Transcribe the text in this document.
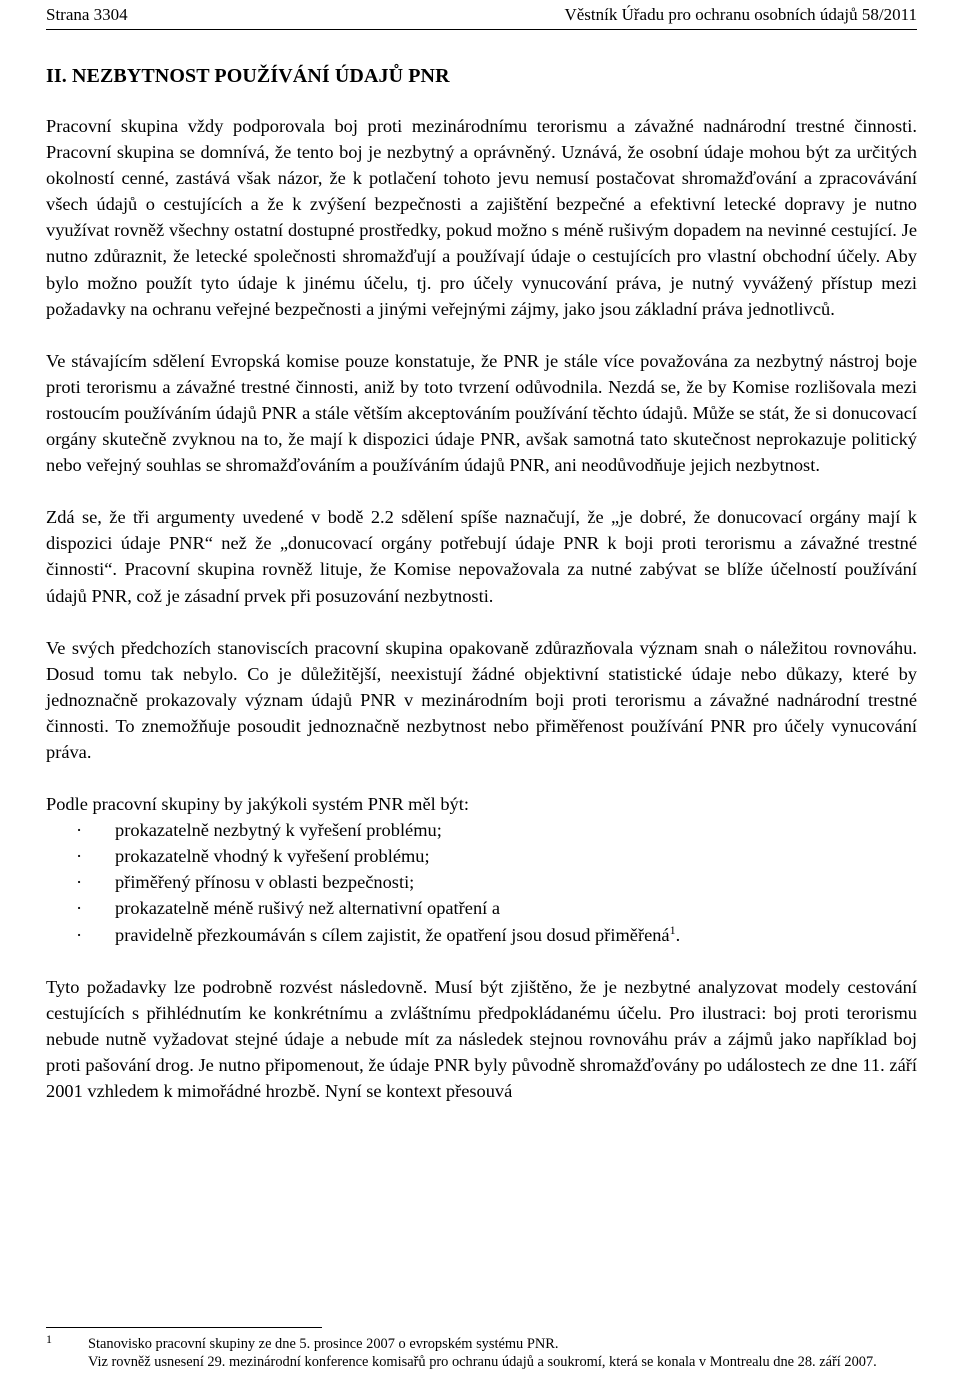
Strana 3304	Věstník Úřadu pro ochranu osobních údajů 58/2011
II. NEZBYTNOST POUŽÍVÁNÍ ÚDAJŮ PNR

Pracovní skupina vždy podporovala boj proti mezinárodnímu terorismu a závažné nadnárodní trestné činnosti. Pracovní skupina se domnívá, že tento boj je nezbytný a oprávněný. Uznává, že osobní údaje mohou být za určitých okolností cenné, zastává však názor, že k potlačení tohoto jevu nemusí postačovat shromažďování a zpracovávání všech údajů o cestujících a že k zvýšení bezpečnosti a zajištění bezpečné a efektivní letecké dopravy je nutno využívat rovněž všechny ostatní dostupné prostředky, pokud možno s méně rušivým dopadem na nevinné cestující. Je nutno zdůraznit, že letecké společnosti shromažďují a používají údaje o cestujících pro vlastní obchodní účely. Aby bylo možno použít tyto údaje k jinému účelu, tj. pro účely vynucování práva, je nutný vyvážený přístup mezi požadavky na ochranu veřejné bezpečnosti a jinými veřejnými zájmy, jako jsou základní práva jednotlivců.

Ve stávajícím sdělení Evropská komise pouze konstatuje, že PNR je stále více považována za nezbytný nástroj boje proti terorismu a závažné trestné činnosti, aniž by toto tvrzení odůvodnila. Nezdá se, že by Komise rozlišovala mezi rostoucím používáním údajů PNR a stále větším akceptováním používání těchto údajů. Může se stát, že si donucovací orgány skutečně zvyknou na to, že mají k dispozici údaje PNR, avšak samotná tato skutečnost neprokazuje politický nebo veřejný souhlas se shromažďováním a používáním údajů PNR, ani neodůvodňuje jejich nezbytnost.

Zdá se, že tři argumenty uvedené v bodě 2.2 sdělení spíše naznačují, že „je dobré, že donucovací orgány mají k dispozici údaje PNR“ než že „donucovací orgány potřebují údaje PNR k boji proti terorismu a závažné trestné činnosti“. Pracovní skupina rovněž lituje, že Komise nepovažovala za nutné zabývat se blíže účelností používání údajů PNR, což je zásadní prvek při posuzování nezbytnosti.

Ve svých předchozích stanoviscích pracovní skupina opakovaně zdůrazňovala význam snah o náležitou rovnováhu. Dosud tomu tak nebylo. Co je důležitější, neexistují žádné objektivní statistické údaje nebo důkazy, které by jednoznačně prokazovaly význam údajů PNR v mezinárodním boji proti terorismu a závažné nadnárodní trestné činnosti. To znemožňuje posoudit jednoznačně nezbytnost nebo přiměřenost používání PNR pro účely vynucování práva.

Podle pracovní skupiny by jakýkoli systém PNR měl být:

· prokazatelně nezbytný k vyřešení problému;
· prokazatelně vhodný k vyřešení problému;
· přiměřený přínosu v oblasti bezpečnosti;
· prokazatelně méně rušivý než alternativní opatření a
· pravidelně přezkoumáván s cílem zajistit, že opatření jsou dosud přiměřená$^1$.

Tyto požadavky lze podrobně rozvést následovně. Musí být zjištěno, že je nezbytné analyzovat modely cestování cestujících s přihlédnutím ke konkrétnímu a zvláštnímu předpokládanému účelu. Pro ilustraci: boj proti terorismu nebude nutně vyžadovat stejné údaje a nebude mít za následek stejnou rovnováhu práv a zájmů jako například boj proti pašování drog. Je nutno připomenout, že údaje PNR byly původně shromažďovány po událostech ze dne 11. září 2001 vzhledem k mimořádné hrozbě. Nyní se kontext přesouvá

1	Stanovisko pracovní skupiny ze dne 5. prosince 2007 o evropském systému PNR.
Viz rovněž usnesení 29. mezinárodní konference komisařů pro ochranu údajů a soukromí, která se konala v Montrealu dne 28. září 2007.
